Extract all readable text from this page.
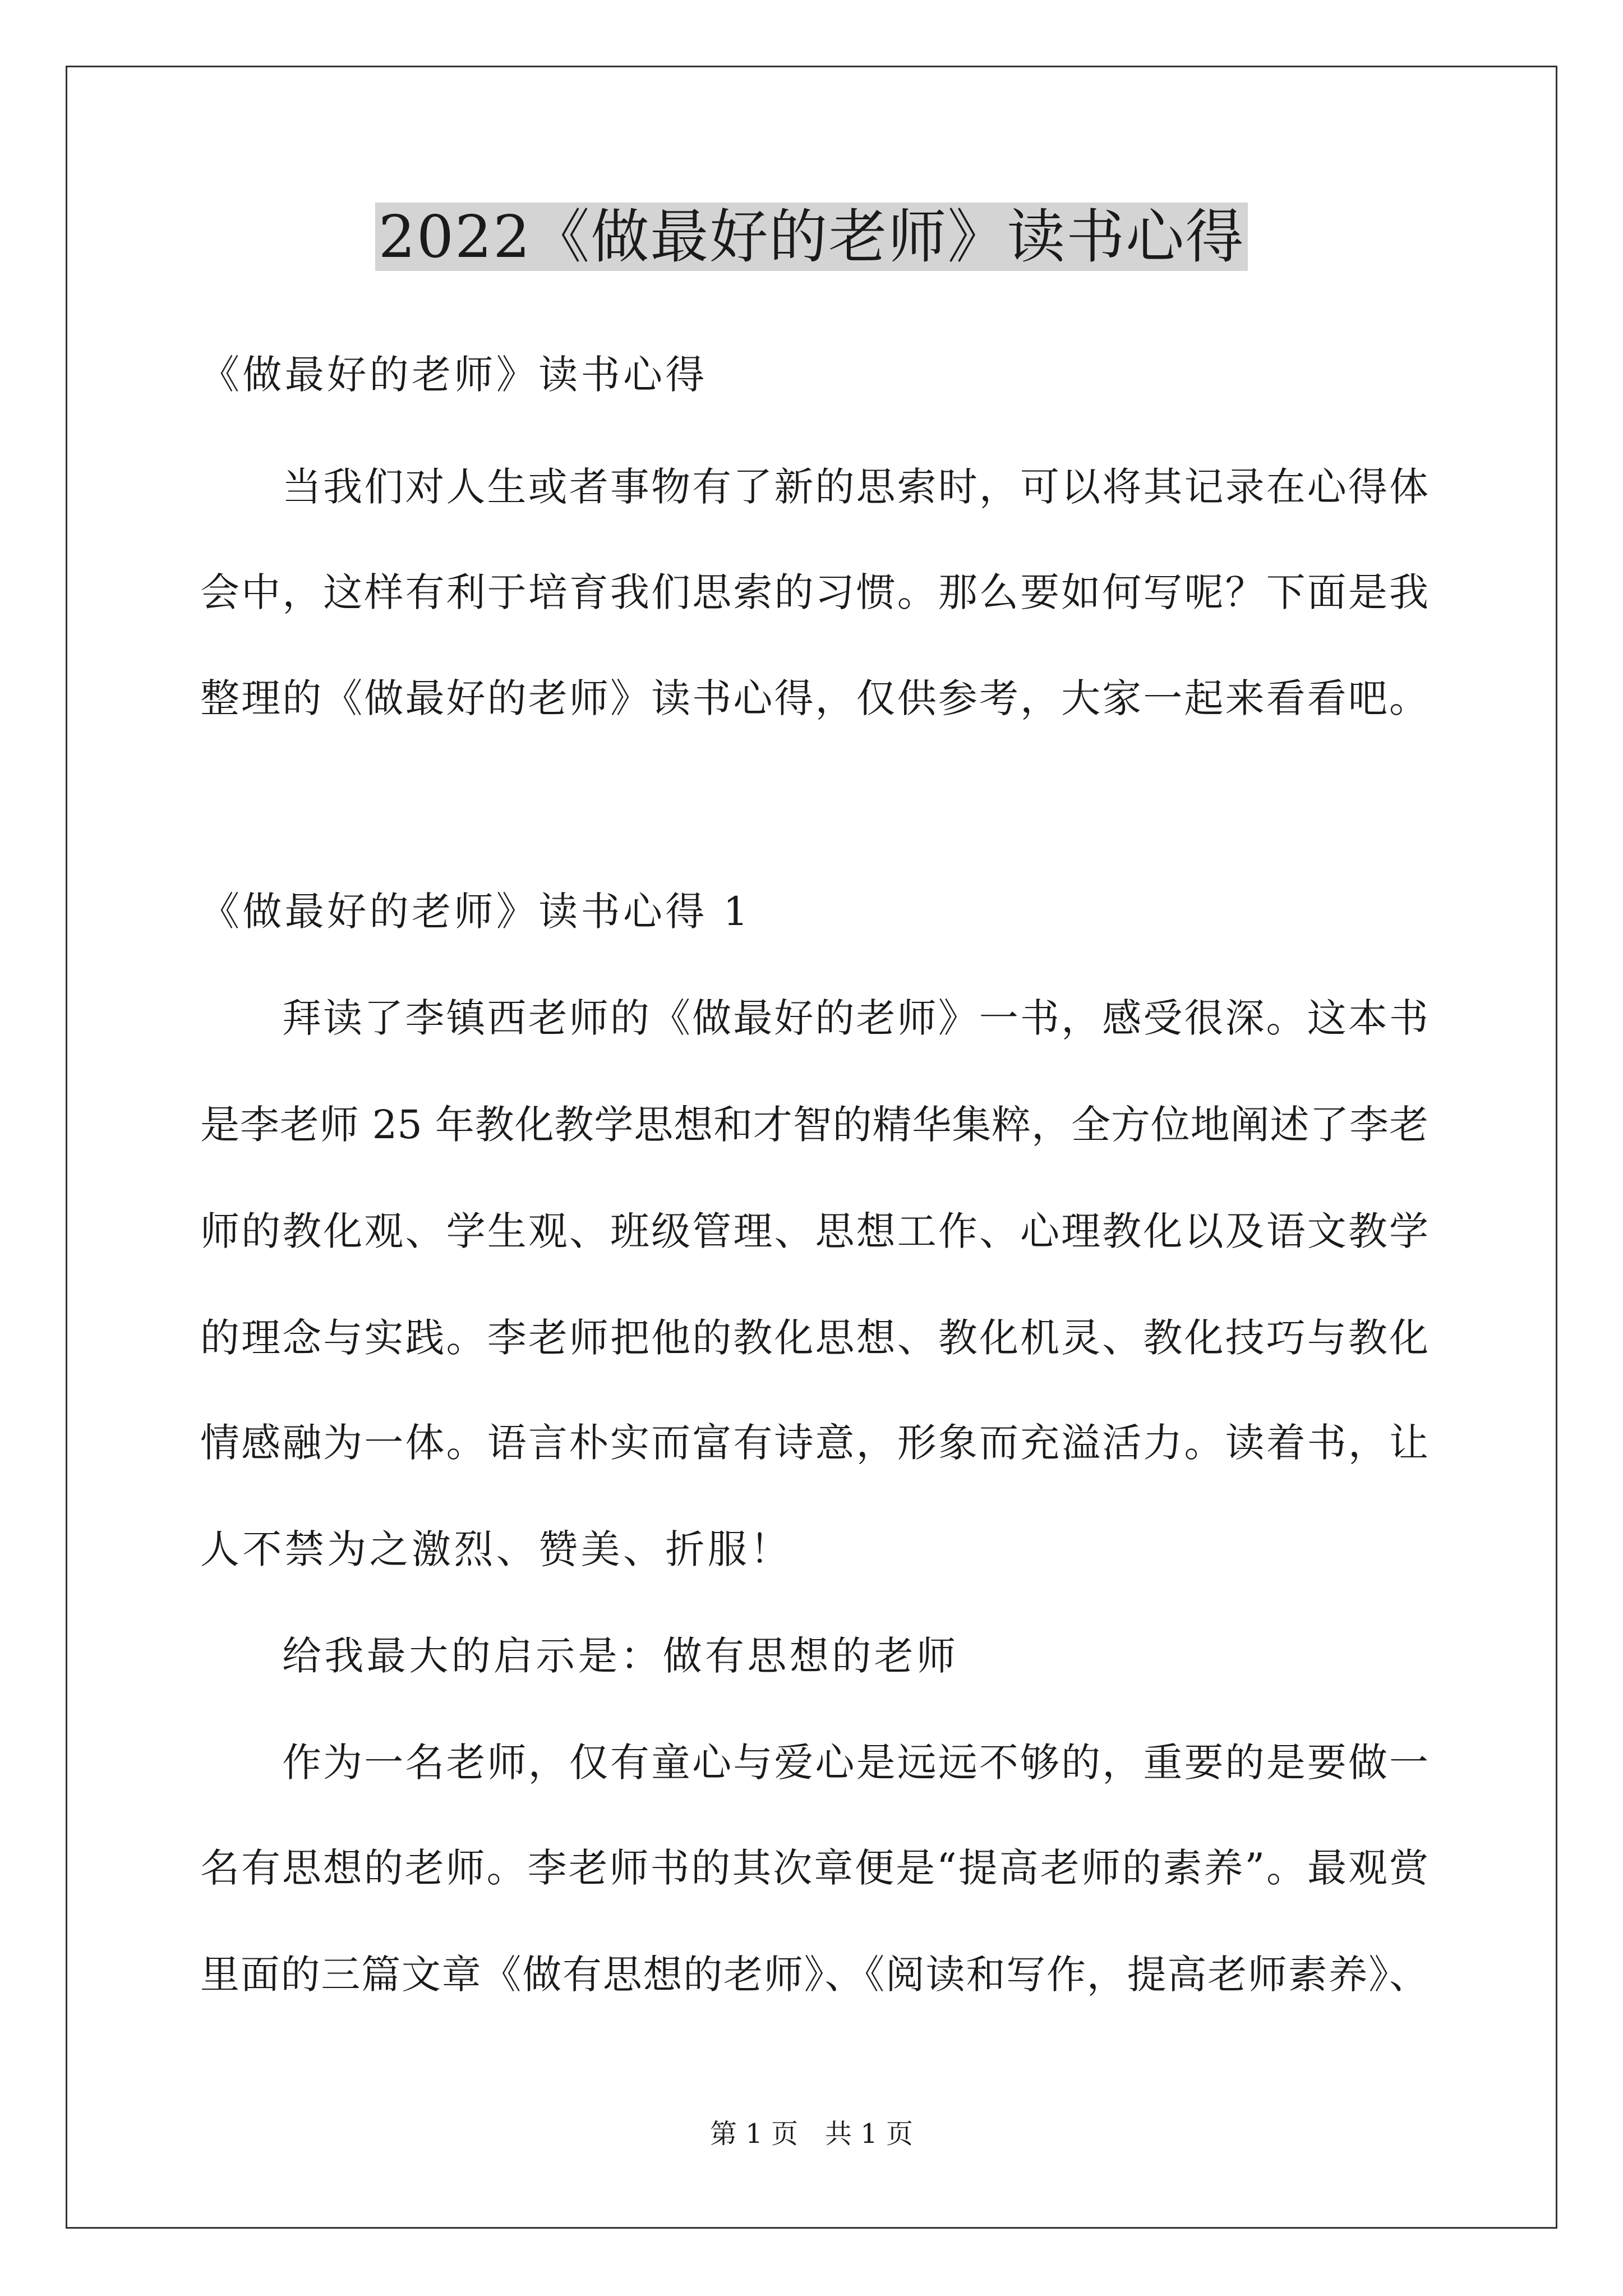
2022《做最好的老师》读书心得
《做最好的老师》读书心得
当我们对人生或者事物有了新的思索时，可以将其记录在心得体
会中，这样有利于培育我们思索的习惯。那么要如何写呢？下面是我
整理的《做最好的老师》读书心得，仅供参考，大家一起来看看吧。
《做最好的老师》读书心得 1
拜读了李镇西老师的《做最好的老师》一书，感受很深。这本书
是李老师 25 年教化教学思想和才智的精华集粹，全方位地阐述了李老
师的教化观、学生观、班级管理、思想工作、心理教化以及语文教学
的理念与实践。李老师把他的教化思想、教化机灵、教化技巧与教化
情感融为一体。语言朴实而富有诗意，形象而充溢活力。读着书，让
人不禁为之激烈、赞美、折服！
给我最大的启示是：做有思想的老师
作为一名老师，仅有童心与爱心是远远不够的，重要的是要做一
名有思想的老师。李老师书的其次章便是“提高老师的素养”。最观赏
里面的三篇文章《做有思想的老师》、《阅读和写作，提高老师素养》、
第 1 页　共 1 页
